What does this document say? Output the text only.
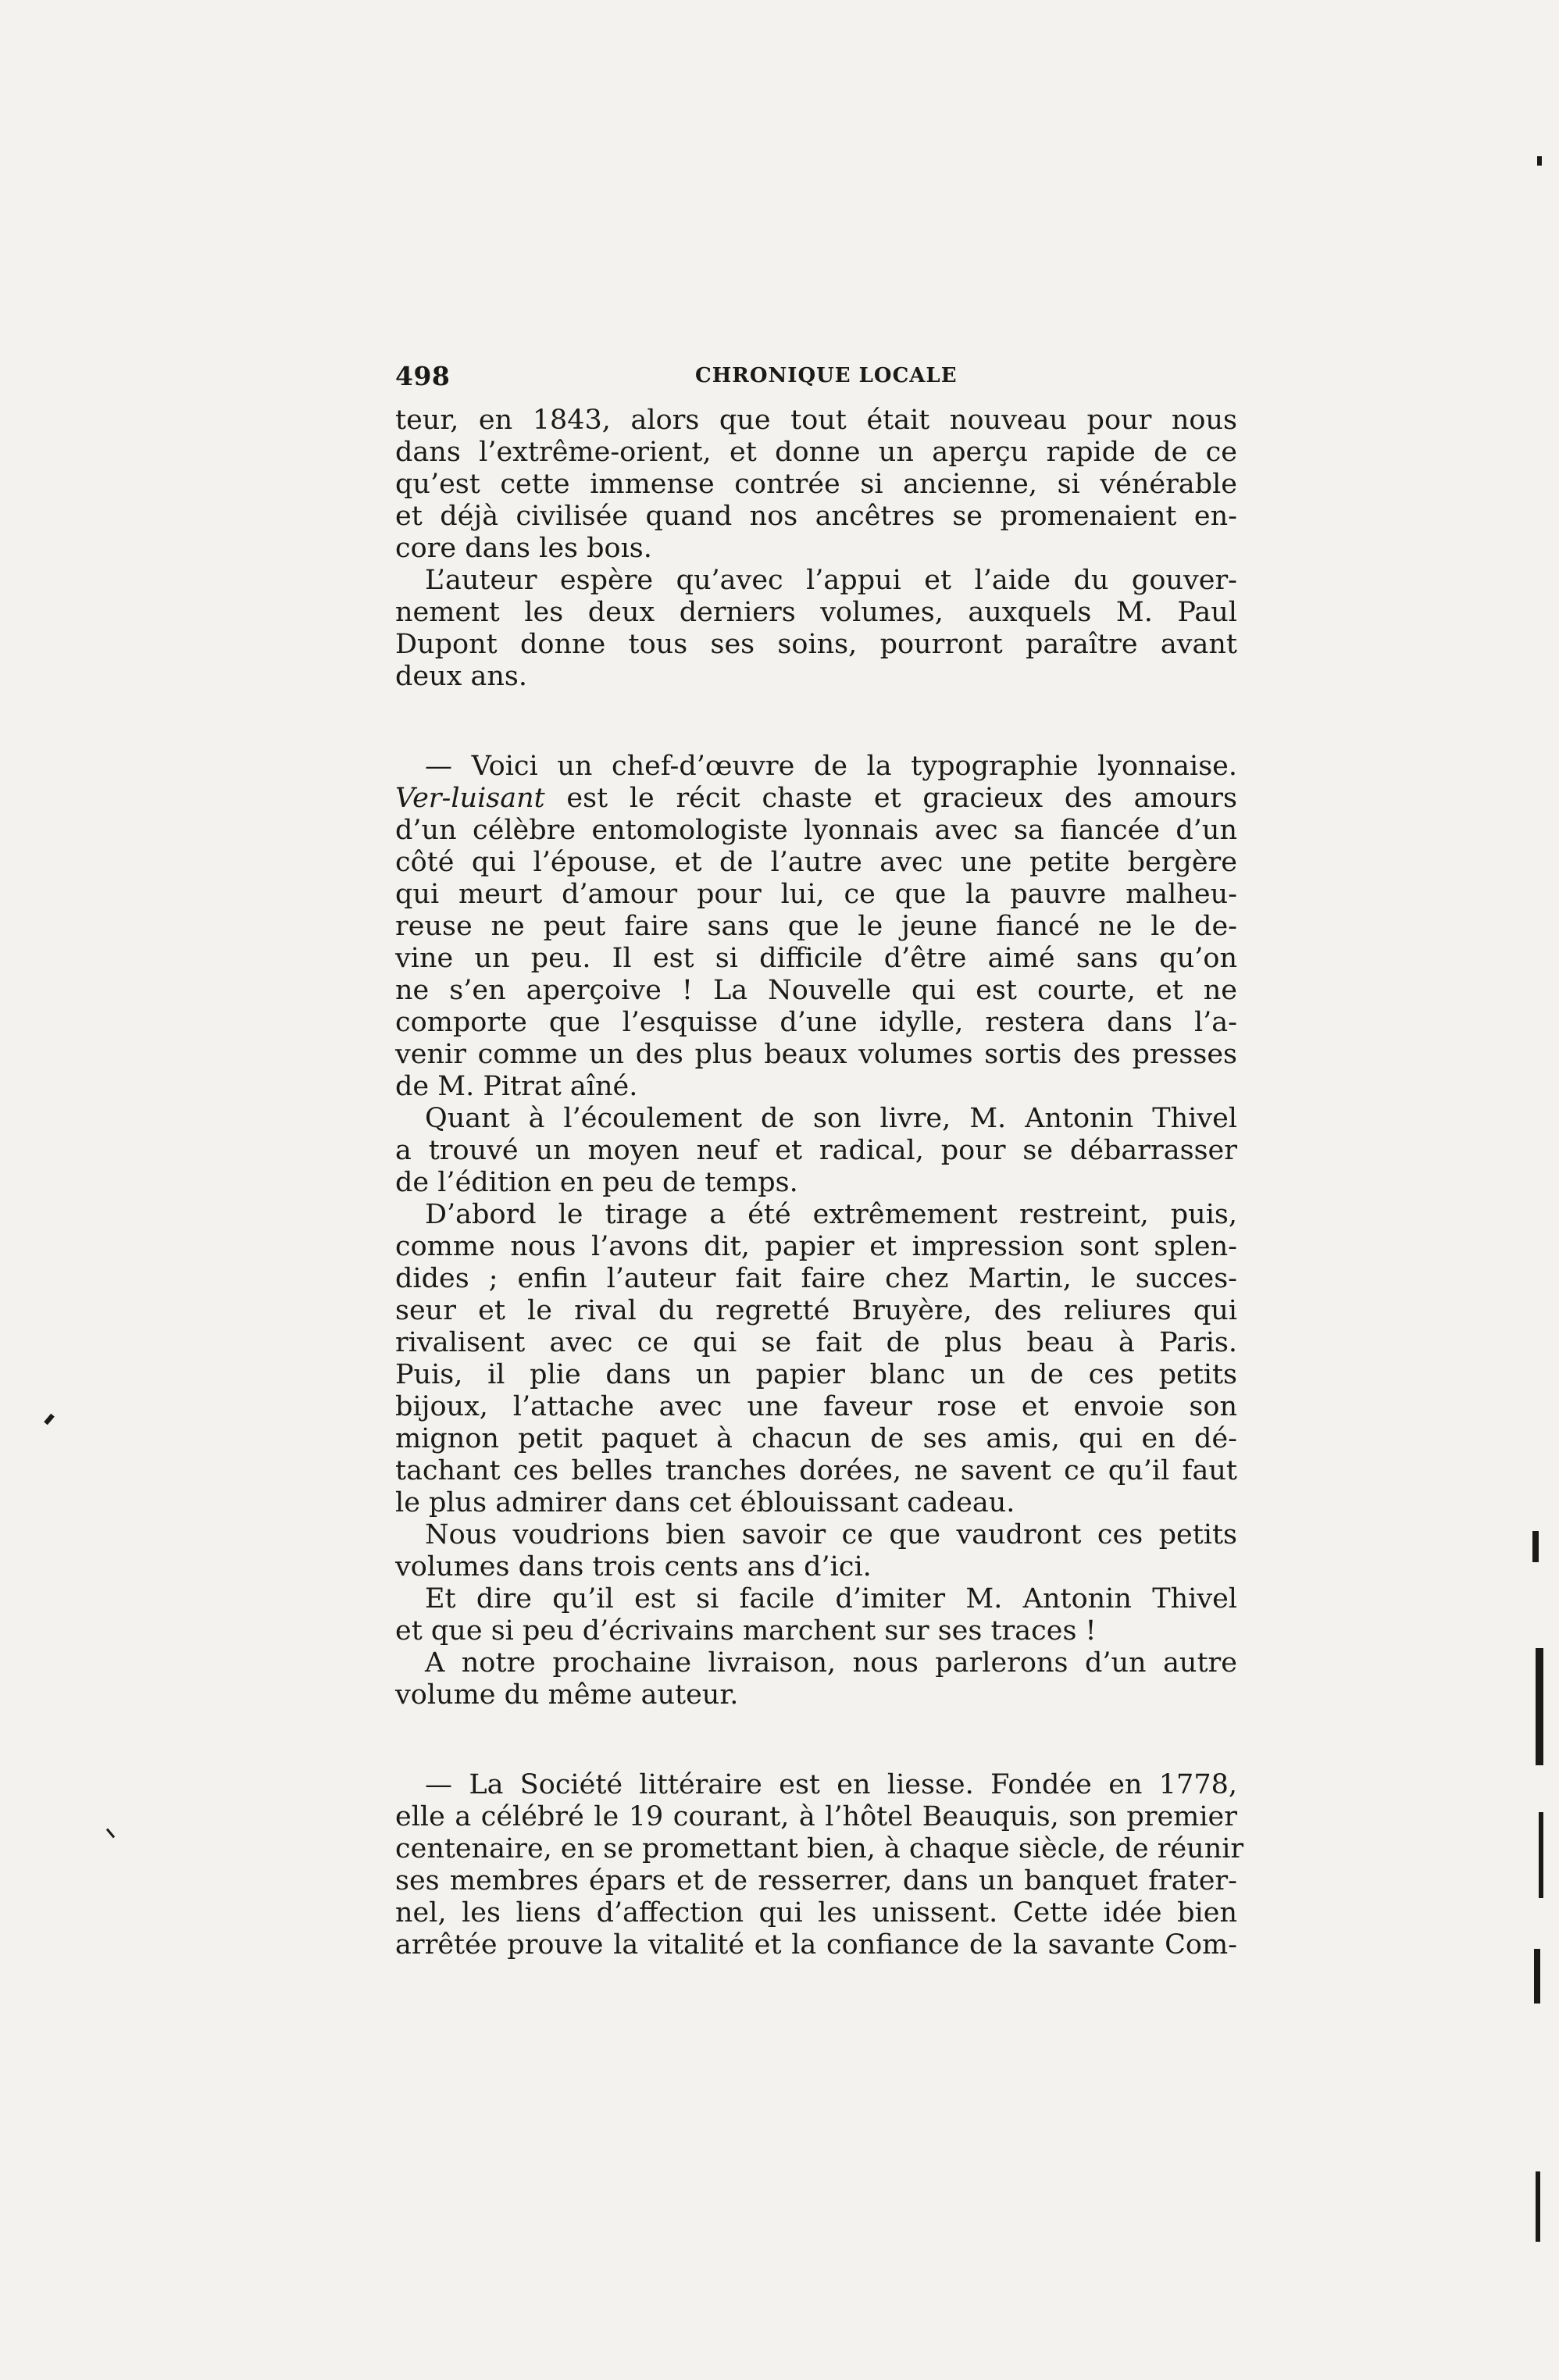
498	CHRONIQUE LOCALE
teur, en 1843, alors que tout était nouveau pour nous
dans l’extrême-orient, et donne un aperçu rapide de ce
qu’est cette immense contrée si ancienne, si vénérable
et déjà civilisée quand nos ancêtres se promenaient en-
core dans les boıs.
L’auteur espère qu’avec l’appui et l’aide du gouver-
nement les deux derniers volumes, auxquels M. Paul
Dupont donne tous ses soins, pourront paraître avant
deux ans.
— Voici un chef-d’œuvre de la typographie lyonnaise.
Ver-luisant est le récit chaste et gracieux des amours
d’un célèbre entomologiste lyonnais avec sa fiancée d’un
côté qui l’épouse, et de l’autre avec une petite bergère
qui meurt d’amour pour lui, ce que la pauvre malheu-
reuse ne peut faire sans que le jeune fiancé ne le de-
vine un peu. Il est si difficile d’être aimé sans qu’on
ne s’en aperçoive ! La Nouvelle qui est courte, et ne
comporte que l’esquisse d’une idylle, restera dans l’a-
venir comme un des plus beaux volumes sortis des presses
de M. Pitrat aîné.
Quant à l’écoulement de son livre, M. Antonin Thivel
a trouvé un moyen neuf et radical, pour se débarrasser
de l’édition en peu de temps.
D’abord le tirage a été extrêmement restreint, puis,
comme nous l’avons dit, papier et impression sont splen-
dides ; enfin l’auteur fait faire chez Martin, le succes-
seur et le rival du regretté Bruyère, des reliures qui
rivalisent avec ce qui se fait de plus beau à Paris.
Puis, il plie dans un papier blanc un de ces petits
bijoux, l’attache avec une faveur rose et envoie son
mignon petit paquet à chacun de ses amis, qui en dé-
tachant ces belles tranches dorées, ne savent ce qu’il faut
le plus admirer dans cet éblouissant cadeau.
Nous voudrions bien savoir ce que vaudront ces petits
volumes dans trois cents ans d’ici.
Et dire qu’il est si facile d’imiter M. Antonin Thivel
et que si peu d’écrivains marchent sur ses traces !
A notre prochaine livraison, nous parlerons d’un autre
volume du même auteur.
— La Société littéraire est en liesse. Fondée en 1778,
elle a célébré le 19 courant, à l’hôtel Beauquis, son premier
centenaire, en se promettant bien, à chaque siècle, de réunir
ses membres épars et de resserrer, dans un banquet frater-
nel, les liens d’affection qui les unissent. Cette idée bien
arrêtée prouve la vitalité et la confiance de la savante Com-
